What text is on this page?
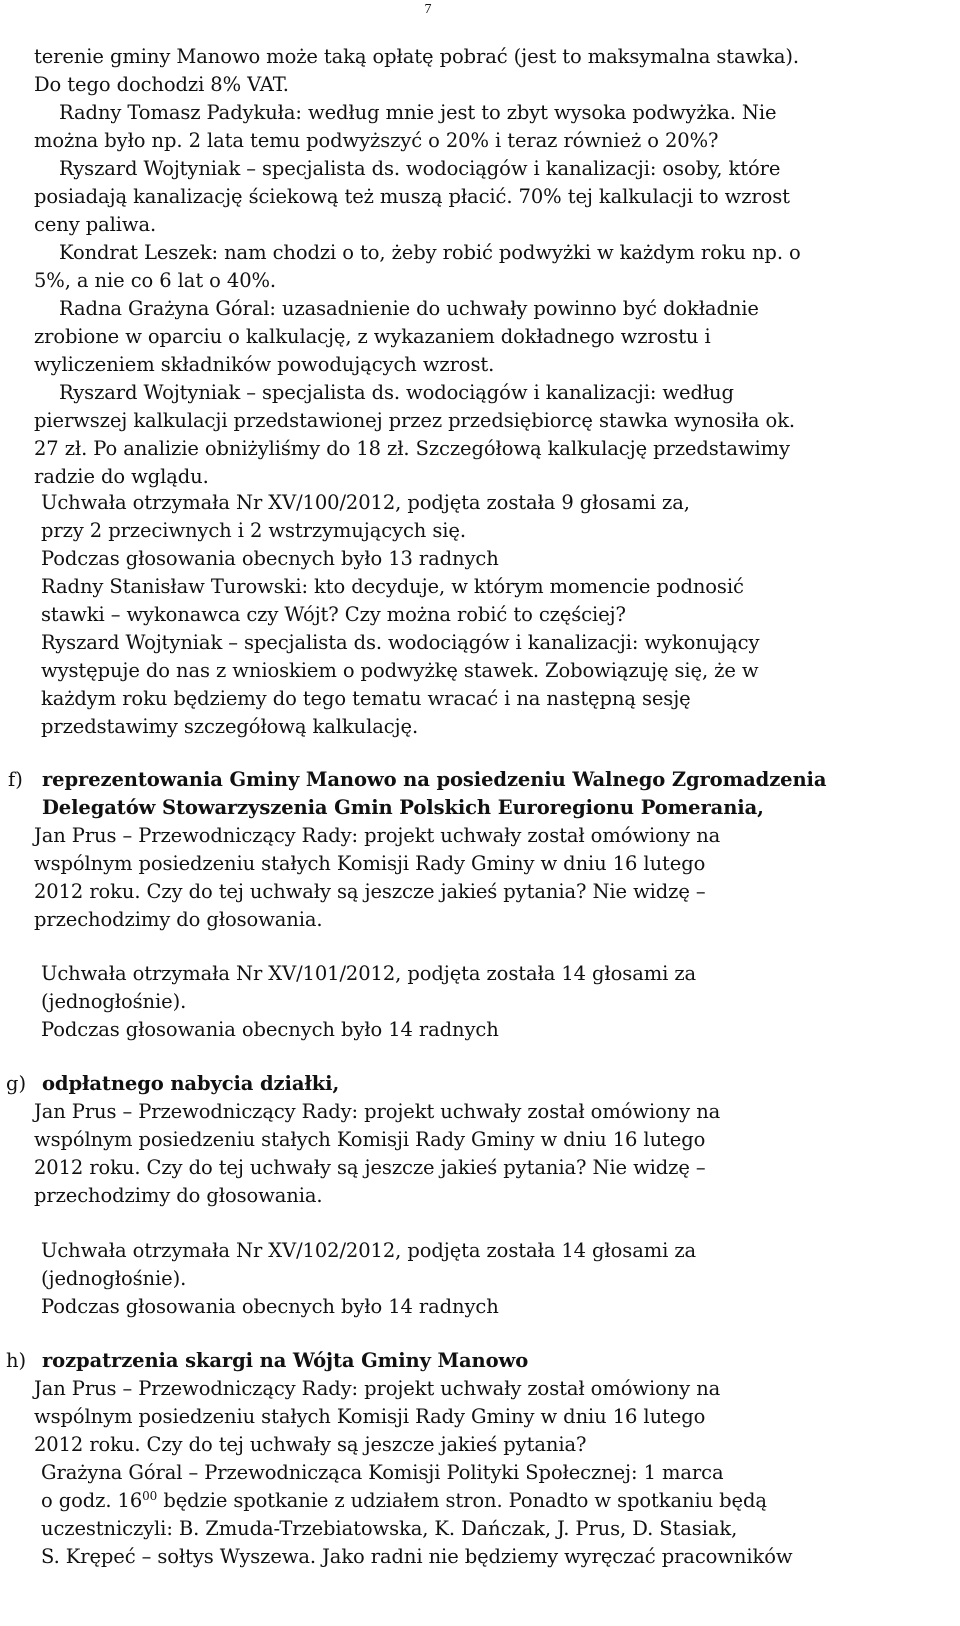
7
terenie gminy Manowo może taką opłatę pobrać (jest to maksymalna stawka).
Do tego dochodzi 8% VAT.
Radny Tomasz Padykuła: według mnie jest to zbyt wysoka podwyżka. Nie
można było np. 2 lata temu podwyższyć o 20% i teraz również o 20%?
Ryszard Wojtyniak – specjalista ds. wodociągów i kanalizacji: osoby, które
posiadają kanalizację ściekową też muszą płacić. 70% tej kalkulacji to wzrost
ceny paliwa.
Kondrat Leszek: nam chodzi o to, żeby robić podwyżki w każdym roku np. o
5%, a nie co 6 lat o 40%.
Radna Grażyna Góral: uzasadnienie do uchwały powinno być dokładnie
zrobione w oparciu o kalkulację, z wykazaniem dokładnego wzrostu i
wyliczeniem składników powodujących wzrost.
Ryszard Wojtyniak – specjalista ds. wodociągów i kanalizacji: według
pierwszej kalkulacji przedstawionej przez przedsiębiorcę stawka wynosiła ok.
27 zł. Po analizie obniżyliśmy do 18 zł. Szczegółową kalkulację przedstawimy
radzie do wglądu.
Uchwała otrzymała Nr XV/100/2012, podjęta została 9 głosami za,
przy 2 przeciwnych i 2 wstrzymujących się.
Podczas głosowania obecnych było 13 radnych
Radny Stanisław Turowski: kto decyduje, w którym momencie podnosić
stawki – wykonawca czy Wójt? Czy można robić to częściej?
Ryszard Wojtyniak – specjalista ds. wodociągów i kanalizacji: wykonujący
występuje do nas z wnioskiem o podwyżkę stawek. Zobowiązuję się, że w
każdym roku będziemy do tego tematu wracać i na następną sesję
przedstawimy szczegółową kalkulację.
f) reprezentowania Gminy Manowo na posiedzeniu Walnego Zgromadzenia
Delegatów Stowarzyszenia Gmin Polskich Euroregionu Pomerania,
Jan Prus – Przewodniczący Rady: projekt uchwały został omówiony na
wspólnym posiedzeniu stałych Komisji Rady Gminy w dniu 16 lutego
2012 roku. Czy do tej uchwały są jeszcze jakieś pytania? Nie widzę –
przechodzimy do głosowania.
Uchwała otrzymała Nr XV/101/2012, podjęta została 14 głosami za
(jednogłośnie).
Podczas głosowania obecnych było 14 radnych
g) odpłatnego nabycia działki,
Jan Prus – Przewodniczący Rady: projekt uchwały został omówiony na
wspólnym posiedzeniu stałych Komisji Rady Gminy w dniu 16 lutego
2012 roku. Czy do tej uchwały są jeszcze jakieś pytania? Nie widzę –
przechodzimy do głosowania.
Uchwała otrzymała Nr XV/102/2012, podjęta została 14 głosami za
(jednogłośnie).
Podczas głosowania obecnych było 14 radnych
h) rozpatrzenia skargi na Wójta Gminy Manowo
Jan Prus – Przewodniczący Rady: projekt uchwały został omówiony na
wspólnym posiedzeniu stałych Komisji Rady Gminy w dniu 16 lutego
2012 roku. Czy do tej uchwały są jeszcze jakieś pytania?
Grażyna Góral – Przewodnicząca Komisji Polityki Społecznej: 1 marca
o godz. $16^{00}$ będzie spotkanie z udziałem stron. Ponadto w spotkaniu będą
uczestniczyli: B. Zmuda-Trzebiatowska, K. Dańczak, J. Prus, D. Stasiak,
S. Krępeć – sołtys Wyszewa. Jako radni nie będziemy wyręczać pracowników
